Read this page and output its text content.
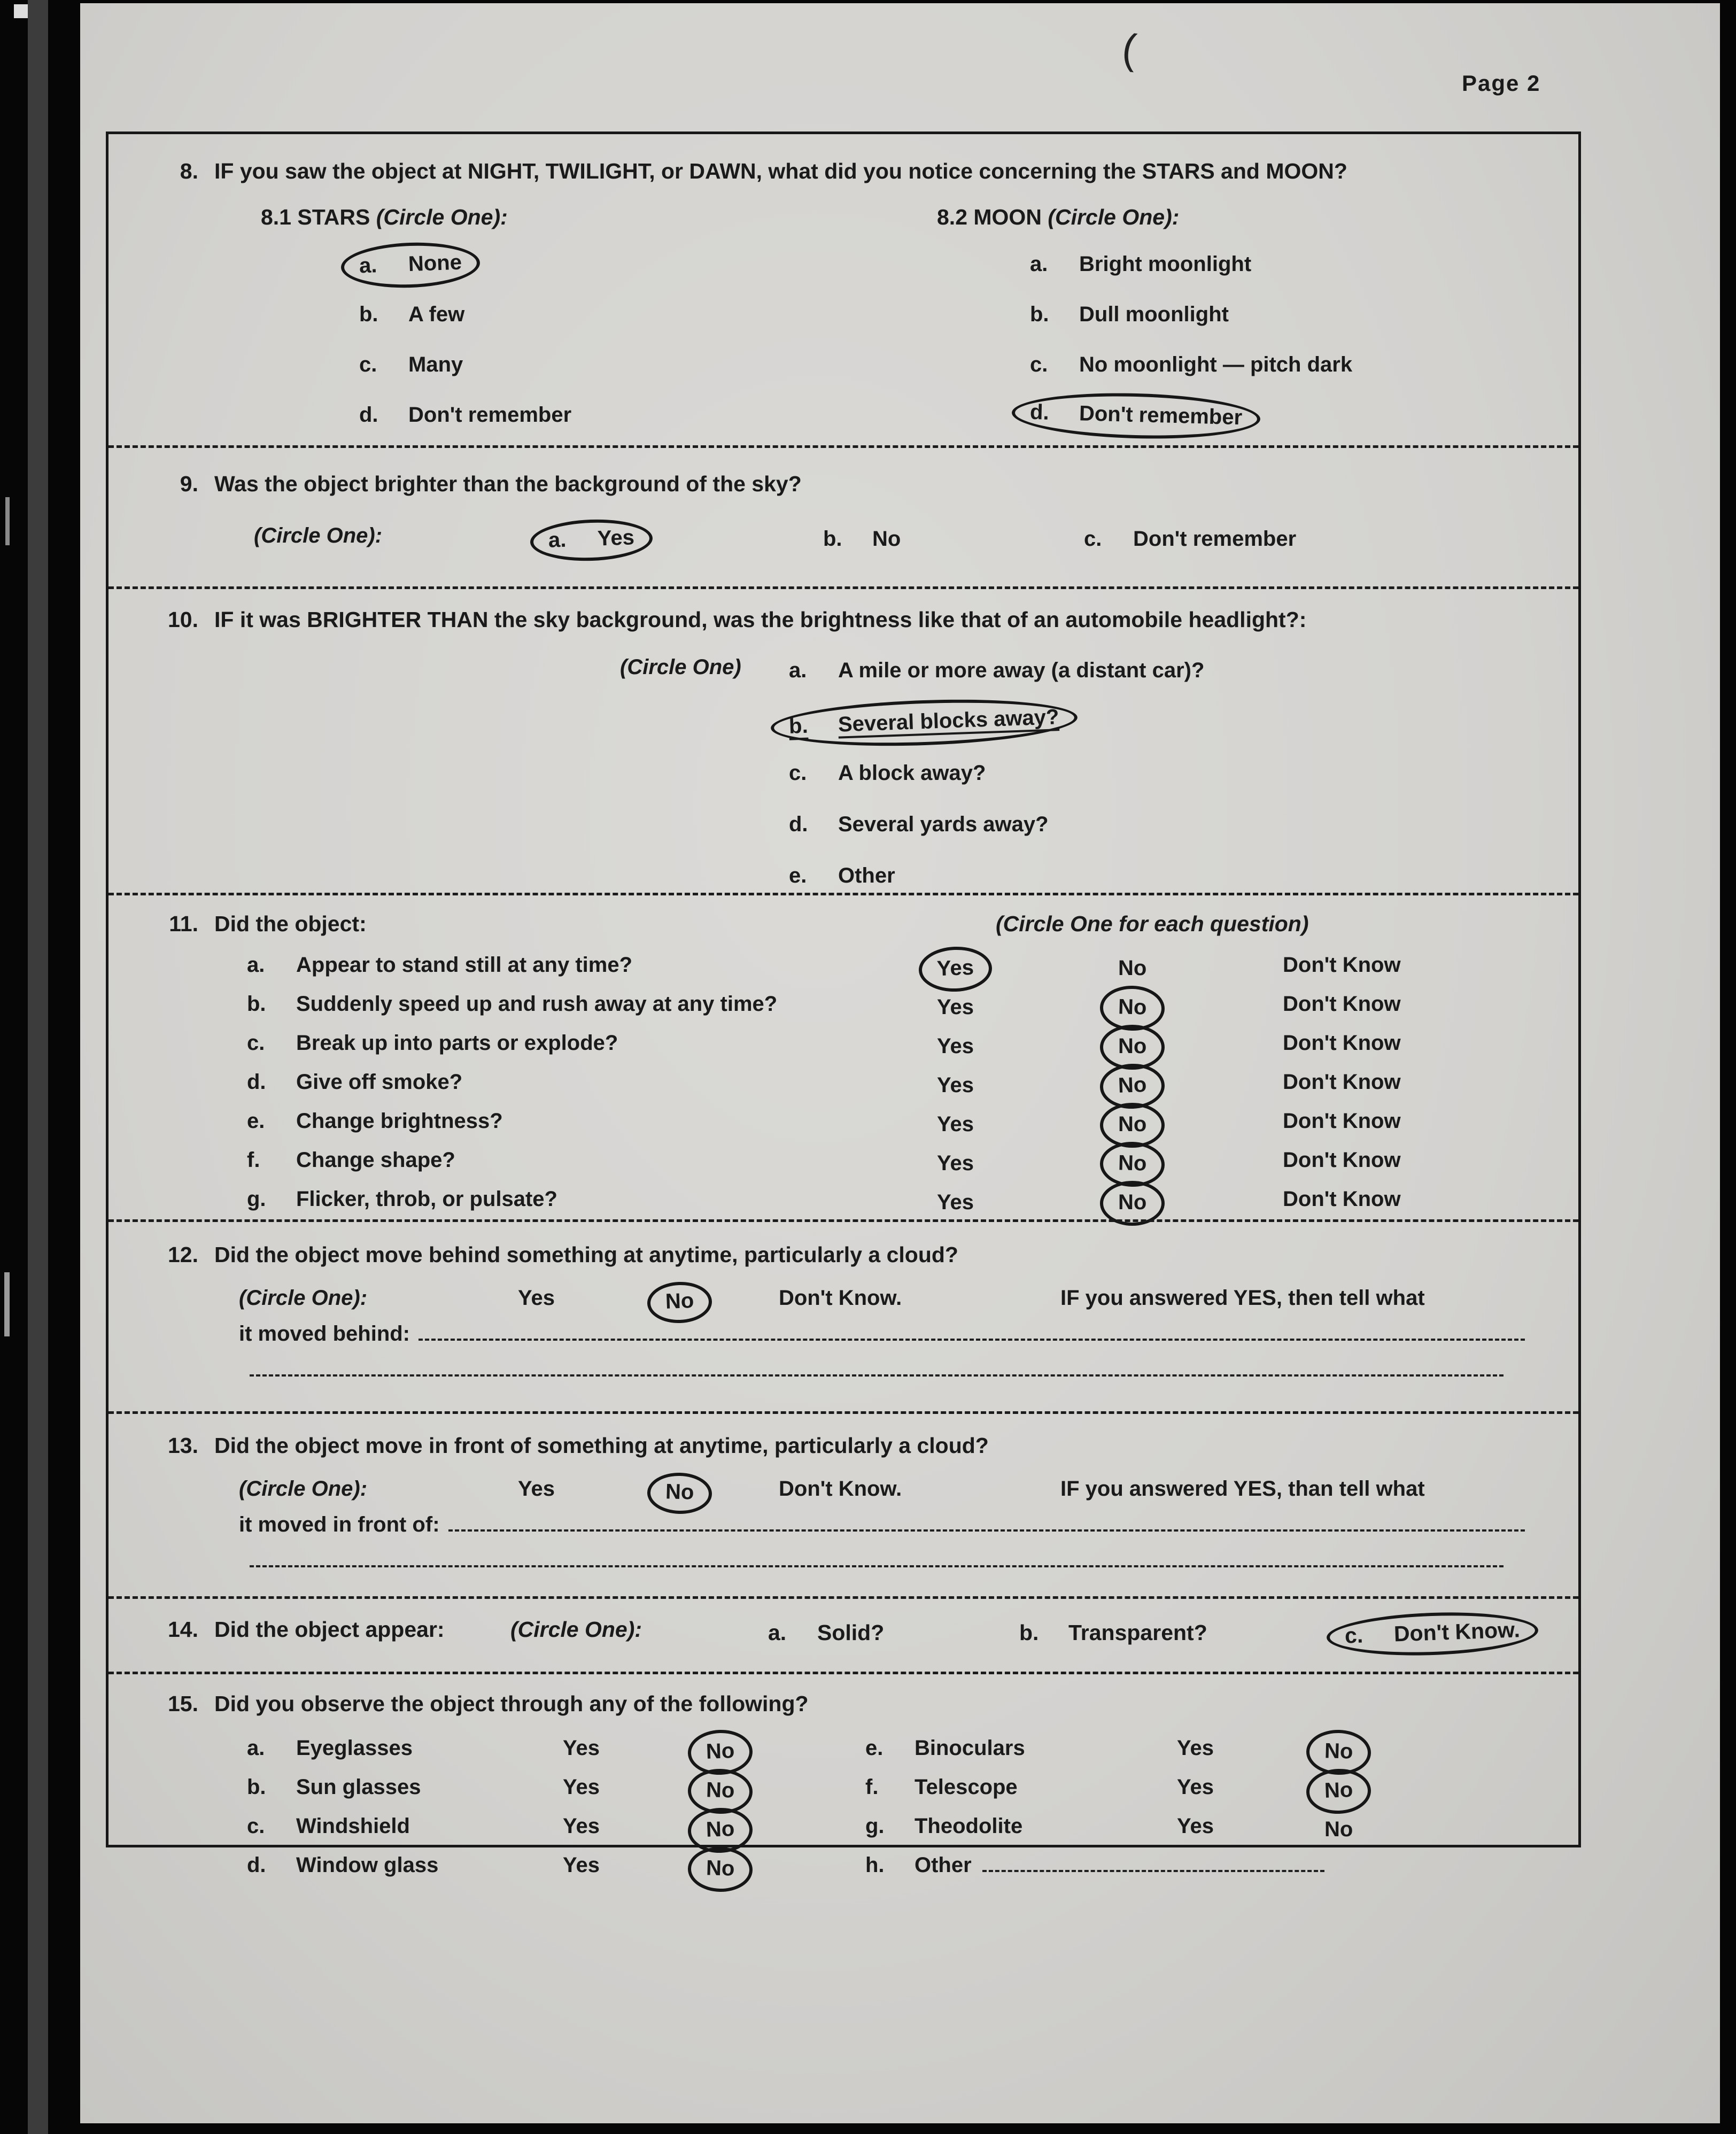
(
Page 2
8. IF you saw the object at NIGHT, TWILIGHT, or DAWN, what did you notice concerning the STARS and MOON?
8.1 STARS (Circle One):
a. None
b. A few
c. Many
d. Don't remember
8.2 MOON (Circle One):
a. Bright moonlight
b. Dull moonlight
c. No moonlight — pitch dark
d. Don't remember
9. Was the object brighter than the background of the sky?
(Circle One):	a. Yes	b. No	c. Don't remember
10. IF it was BRIGHTER THAN the sky background, was the brightness like that of an automobile headlight?:
(Circle One) a. A mile or more away (a distant car)?
b. Several blocks away?
c. A block away?
d. Several yards away?
e. Other
11. Did the object:	(Circle One for each question)
a. Appear to stand still at any time?	Yes	No	Don't Know
b. Suddenly speed up and rush away at any time?	Yes	No	Don't Know
c. Break up into parts or explode?	Yes	No	Don't Know
d. Give off smoke?	Yes	No	Don't Know
e. Change brightness?	Yes	No	Don't Know
f. Change shape?	Yes	No	Don't Know
g. Flicker, throb, or pulsate?	Yes	No	Don't Know
12. Did the object move behind something at anytime, particularly a cloud?
(Circle One):	Yes	No	Don't Know.	IF you answered YES, then tell what
it moved behind:
13. Did the object move in front of something at anytime, particularly a cloud?
(Circle One):	Yes	No	Don't Know.	IF you answered YES, than tell what
it moved in front of:
14. Did the object appear:	(Circle One):	a. Solid?	b. Transparent?	c. Don't Know.
15. Did you observe the object through any of the following?
a. Eyeglasses	Yes	No	e. Binoculars	Yes	No
b. Sun glasses	Yes	No	f. Telescope	Yes	No
c. Windshield	Yes	No	g. Theodolite	Yes	No
d. Window glass	Yes	No	h. Other
